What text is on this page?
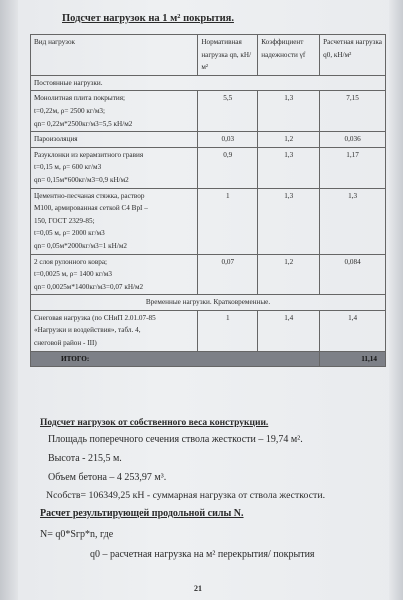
Подсчет нагрузок на 1 м² покрытия.
Вид нагрузок	Нормативная нагрузка qn, кН/м²	Коэффициент надежности γf	Расчетная нагрузка q0, кН/м²
Постоянные нагрузки.			

Монолитная плита покрытия;
t=0,22м, ρ= 2500 кг/м3;
qn= 0,22м*2500кг/м3=5,5 кН/м2	5,5	1,3	7,15

Пароизоляция	0,03	1,2	0,036

Разуклонки из керамзитного гравия
t=0,15 м, ρ= 600 кг/м3
qn= 0,15м*600кг/м3=0,9 кН/м2	0,9	1,3	1,17

Цементно-песчаная стяжка, раствор
М100, армированная сеткой С4 ВрI –
150, ГОСТ 2329-85;
t=0,05 м, ρ= 2000 кг/м3
qn= 0,05м*2000кг/м3=1 кН/м2	1	1,3	1,3

2 слоя рулонного ковра;
t=0,0025 м, ρ= 1400 кг/м3
qn= 0,0025м*1400кг/м3=0,07 кН/м2	0,07	1,2	0,084
Временные нагрузки. Кратковременные.			

Снеговая нагрузка (по СНиП 2.01.07-85
«Нагрузки и воздействия», табл. 4,
снеговой район - III)	1	1,4	1,4
ИТОГО:			11,14
Подсчет нагрузок от собственного веса конструкции.
Площадь поперечного сечения ствола жесткости – 19,74 м².
Высота - 215,5 м.
Объем бетона – 4 253,97 м³.
Nсобств= 106349,25 кН - суммарная нагрузка от ствола жесткости.
Расчет результирующей продольной силы N.
N= q0*Sгр*n, где
q0 – расчетная нагрузка на м² перекрытия/ покрытия
21
